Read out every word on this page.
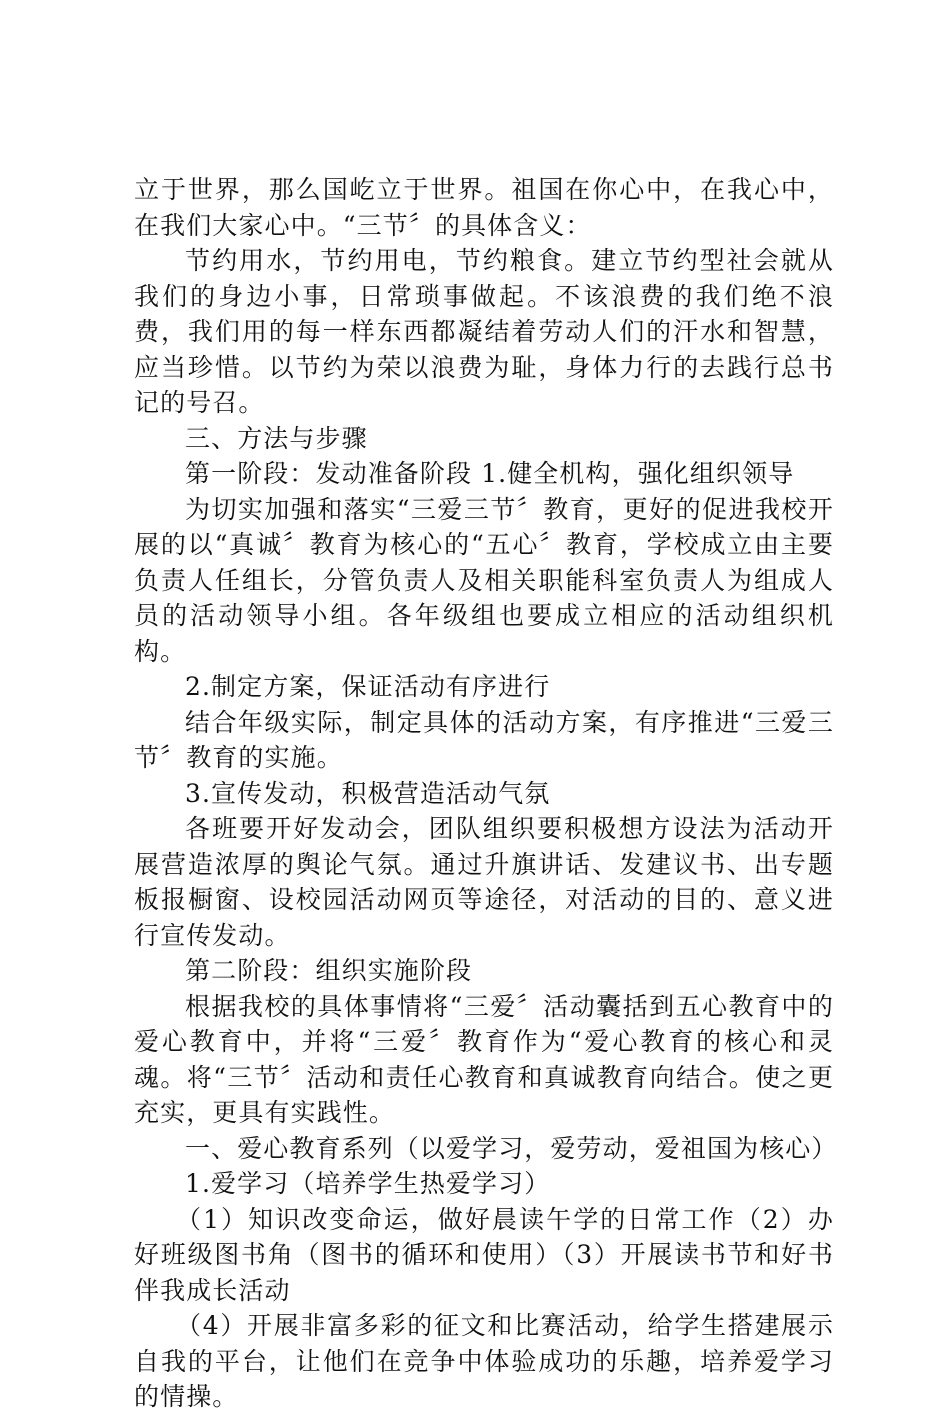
立于世界，那么国屹立于世界。祖国在你心中，在我心中，在我们大家心中。“三节〞的具体含义：

节约用水，节约用电，节约粮食。建立节约型社会就从我们的身边小事，日常琐事做起。不该浪费的我们绝不浪费，我们用的每一样东西都凝结着劳动人们的汗水和智慧，应当珍惜。以节约为荣以浪费为耻，身体力行的去践行总书记的号召。

三、方法与步骤

第一阶段：发动准备阶段 1.健全机构，强化组织领导

为切实加强和落实“三爱三节〞教育，更好的促进我校开展的以“真诚〞教育为核心的“五心〞教育，学校成立由主要负责人任组长，分管负责人及相关职能科室负责人为组成人员的活动领导小组。各年级组也要成立相应的活动组织机构。

2.制定方案，保证活动有序进行

结合年级实际，制定具体的活动方案，有序推进“三爱三节〞教育的实施。

3.宣传发动，积极营造活动气氛

各班要开好发动会，团队组织要积极想方设法为活动开展营造浓厚的舆论气氛。通过升旗讲话、发建议书、出专题板报橱窗、设校园活动网页等途径，对活动的目的、意义进行宣传发动。

第二阶段：组织实施阶段

根据我校的具体事情将“三爱〞活动囊括到五心教育中的爱心教育中，并将“三爱〞教育作为“爱心教育的核心和灵魂。将“三节〞活动和责任心教育和真诚教育向结合。使之更充实，更具有实践性。

一、爱心教育系列（以爱学习，爱劳动，爱祖国为核心）

1.爱学习（培养学生热爱学习）

（1）知识改变命运，做好晨读午学的日常工作（2）办好班级图书角（图书的循环和使用）（3）开展读书节和好书伴我成长活动

（4）开展非富多彩的征文和比赛活动，给学生搭建展示自我的平台，让他们在竞争中体验成功的乐趣，培养爱学习的情操。
